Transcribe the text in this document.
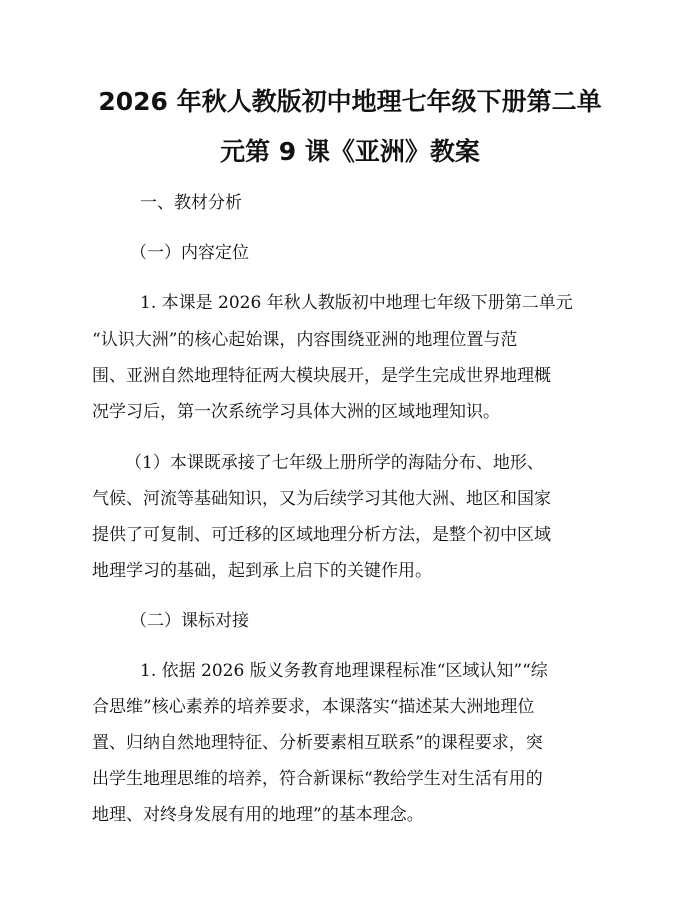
2026 年秋人教版初中地理七年级下册第二单
元第 9 课《亚洲》教案
一、教材分析
（一）内容定位
1. 本课是 2026 年秋人教版初中地理七年级下册第二单元
“认识大洲”的核心起始课，内容围绕亚洲的地理位置与范
围、亚洲自然地理特征两大模块展开，是学生完成世界地理概
况学习后，第一次系统学习具体大洲的区域地理知识。
（1）本课既承接了七年级上册所学的海陆分布、地形、
气候、河流等基础知识，又为后续学习其他大洲、地区和国家
提供了可复制、可迁移的区域地理分析方法，是整个初中区域
地理学习的基础，起到承上启下的关键作用。
（二）课标对接
1. 依据 2026 版义务教育地理课程标准“区域认知”“综
合思维”核心素养的培养要求，本课落实“描述某大洲地理位
置、归纳自然地理特征、分析要素相互联系”的课程要求，突
出学生地理思维的培养，符合新课标“教给学生对生活有用的
地理、对终身发展有用的地理”的基本理念。
